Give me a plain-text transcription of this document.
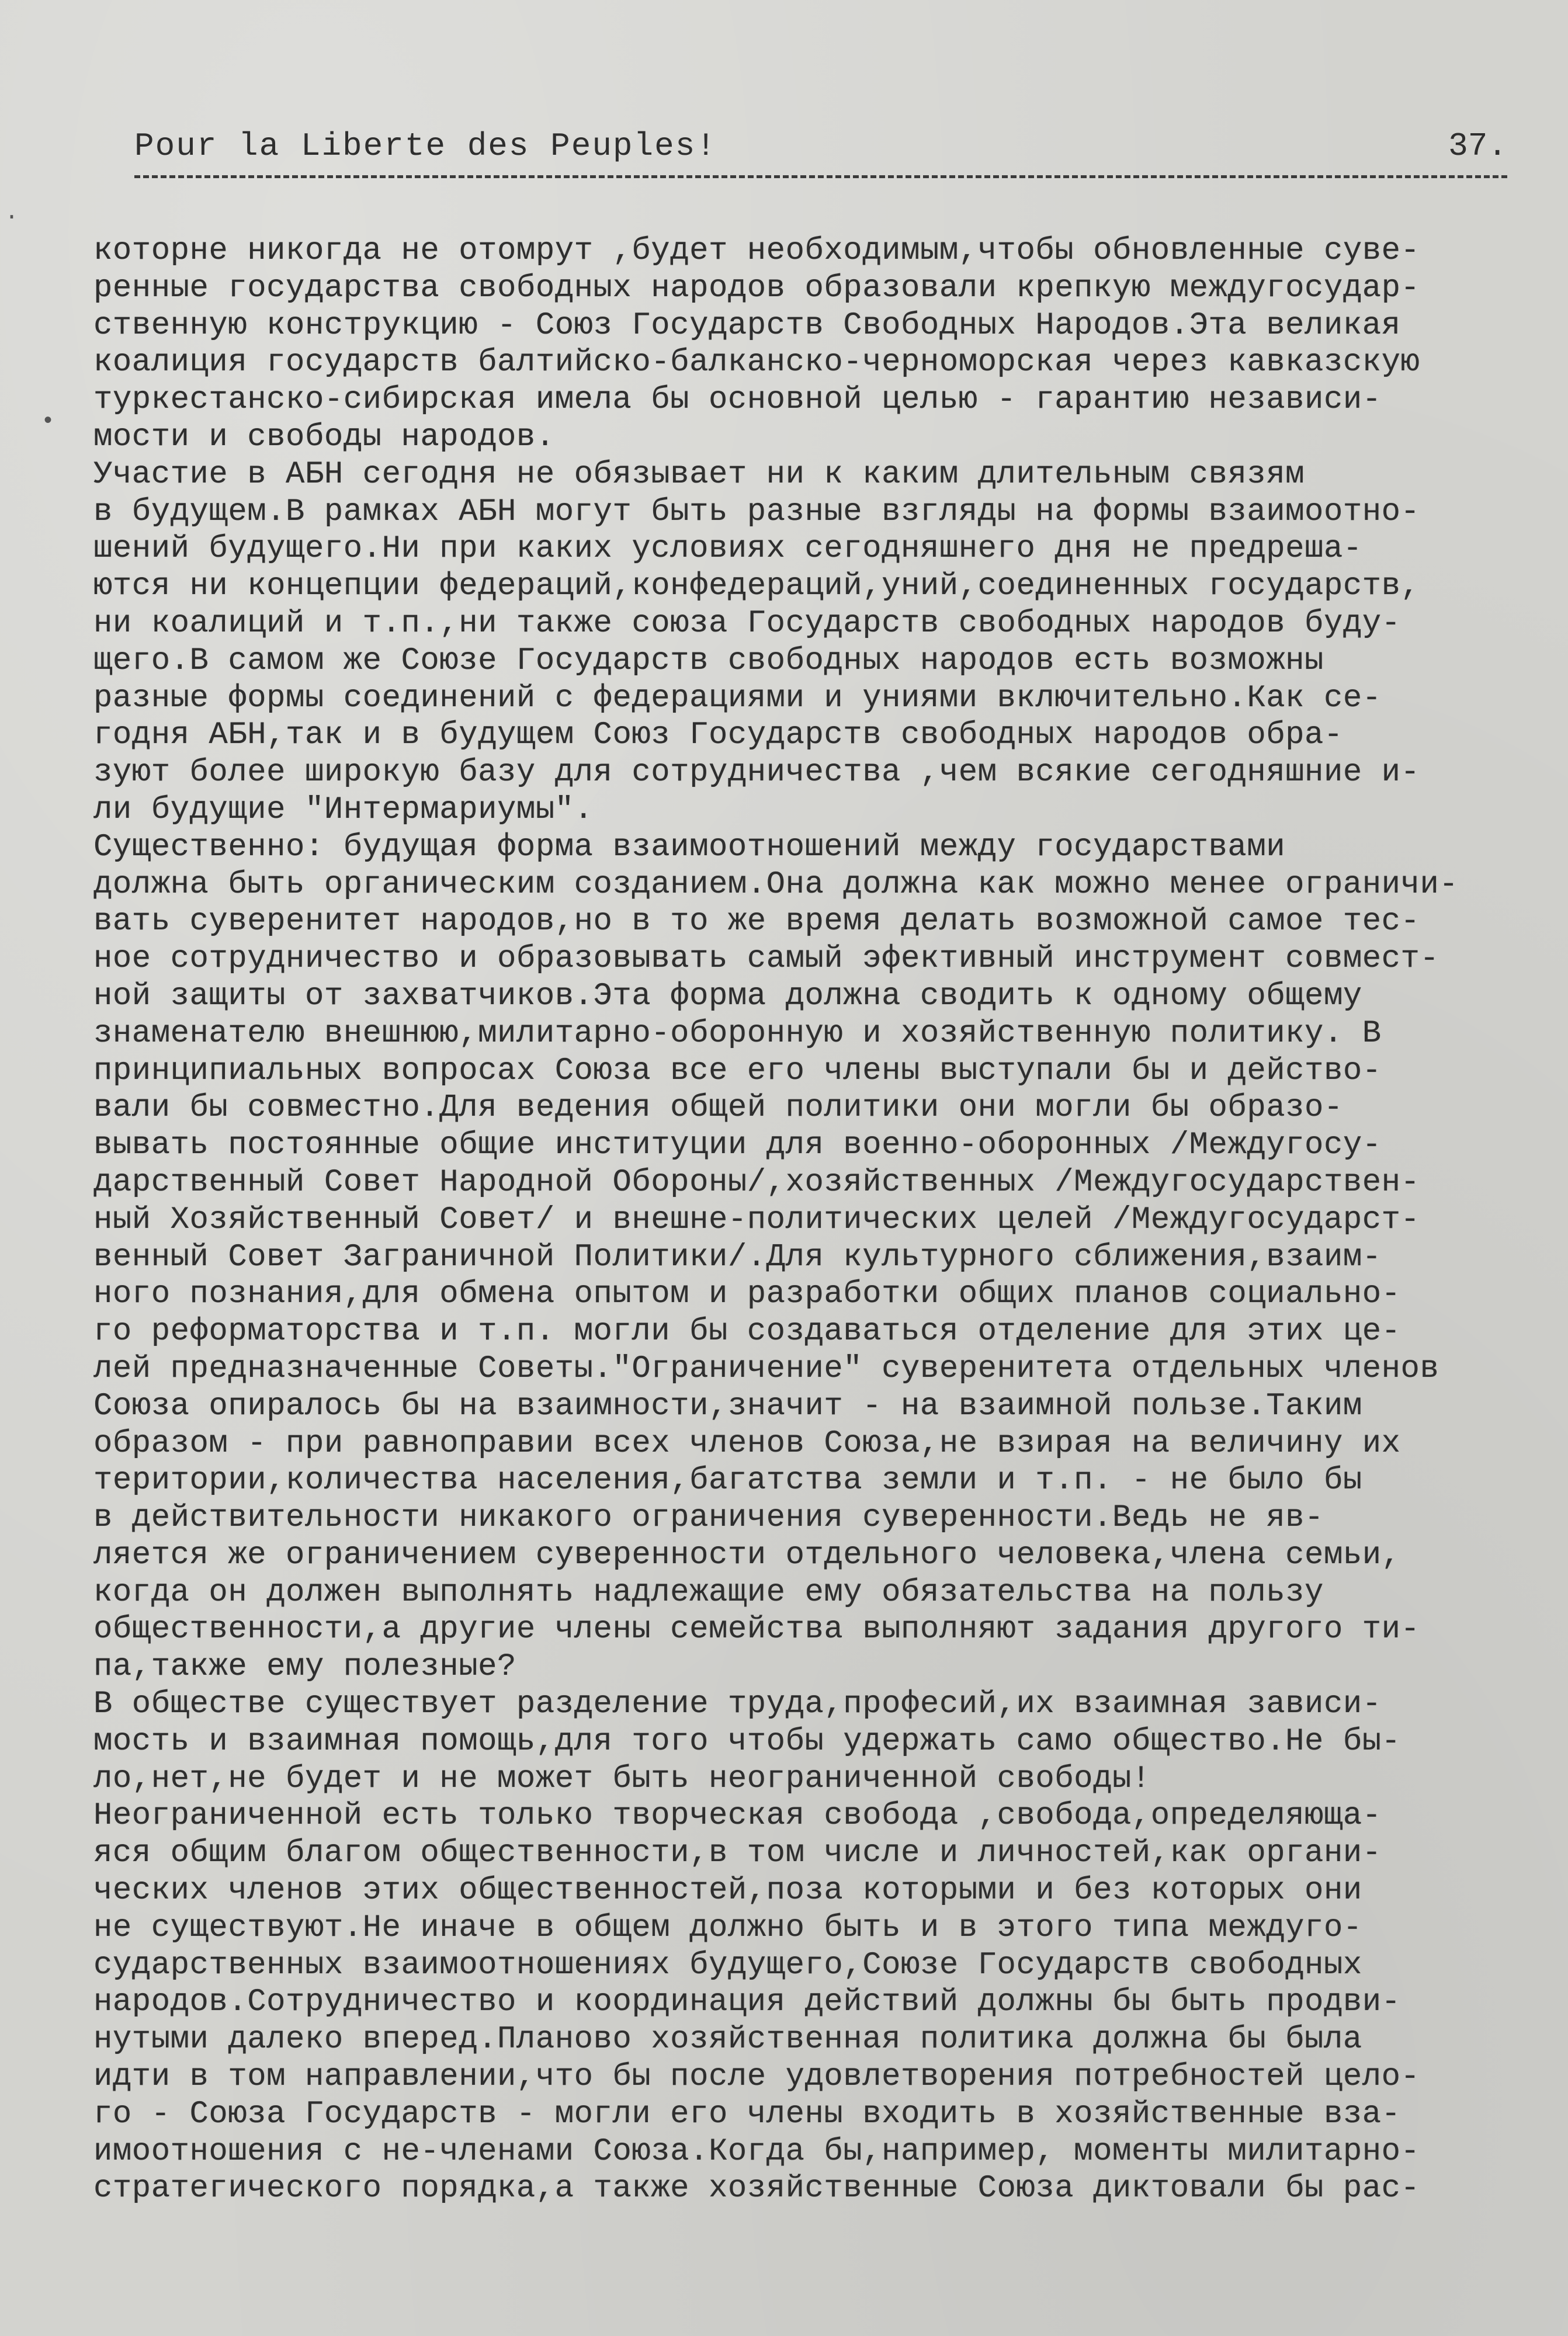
Pour la Liberte des Peuples!	37.
·
•
которне никогда не отомрут ,будет необходимым,чтобы обновленные суве-
ренные государства свободных народов образовали крепкую междугосудар-
ственную конструкцию - Союз Государств Свободных Народов.Эта великая
коалиция государств балтийско-балканско-черноморская через кавказскую
туркестанско-сибирская имела бы основной целью - гарантию независи-
мости и свободы народов.
Участие в АБН сегодня не обязывает ни к каким длительным связям
в будущем.В рамках АБН могут быть разные взгляды на формы взаимоотно-
шений будущего.Ни при каких условиях сегодняшнего дня не предреша-
ются ни концепции федераций,конфедераций,уний,соединенных государств,
ни коалиций и т.п.,ни также союза Государств свободных народов буду-
щего.В самом же Союзе Государств свободных народов есть возможны
разные формы соединений с федерациями и униями включительно.Как се-
годня АБН,так и в будущем Союз Государств свободных народов обра-
зуют более широкую базу для сотрудничества ,чем всякие сегодняшние и-
ли будущие "Интермариумы".
Существенно: будущая форма взаимоотношений между государствами
должна быть органическим созданием.Она должна как можно менее ограничи-
вать суверенитет народов,но в то же время делать возможной самое тес-
ное сотрудничество и образовывать самый эфективный инструмент совмест-
ной защиты от захватчиков.Эта форма должна сводить к одному общему
знаменателю внешнюю,милитарно-оборонную и хозяйственную политику. В
принципиальных вопросах Союза все его члены выступали бы и действо-
вали бы совместно.Для ведения общей политики они могли бы образо-
вывать постоянные общие институции для военно-оборонных /Междугосу-
дарственный Совет Народной Обороны/,хозяйственных /Междугосударствен-
ный Хозяйственный Совет/ и внешне-политических целей /Междугосударст-
венный Совет Заграничной Политики/.Для культурного сближения,взаим-
ного познания,для обмена опытом и разработки общих планов социально-
го реформаторства и т.п. могли бы создаваться отделение для этих це-
лей предназначенные Советы."Ограничение" суверенитета отдельных членов
Союза опиралось бы на взаимности,значит - на взаимной пользе.Таким
образом - при равноправии всех членов Союза,не взирая на величину их
територии,количества населения,багатства земли и т.п. - не было бы
в действительности никакого ограничения суверенности.Ведь не яв-
ляется же ограничением суверенности отдельного человека,члена семьи,
когда он должен выполнять надлежащие ему обязательства на пользу
общественности,а другие члены семейства выполняют задания другого ти-
па,также ему полезные?
В обществе существует разделение труда,професий,их взаимная зависи-
мость и взаимная помощь,для того чтобы удержать само общество.Не бы-
ло,нет,не будет и не может быть неограниченной свободы!
Неограниченной есть только творческая свобода ,свобода,определяюща-
яся общим благом общественности,в том числе и личностей,как органи-
ческих членов этих общественностей,поза которыми и без которых они
не существуют.Не иначе в общем должно быть и в этого типа междуго-
сударственных взаимоотношениях будущего,Союзе Государств свободных
народов.Сотрудничество и координация действий должны бы быть продви-
нутыми далеко вперед.Планово хозяйственная политика должна бы была
идти в том направлении,что бы после удовлетворения потребностей цело-
го - Союза Государств - могли его члены входить в хозяйственные вза-
имоотношения с не-членами Союза.Когда бы,например, моменты милитарно-
стратегического порядка,а также хозяйственные Союза диктовали бы рас-
